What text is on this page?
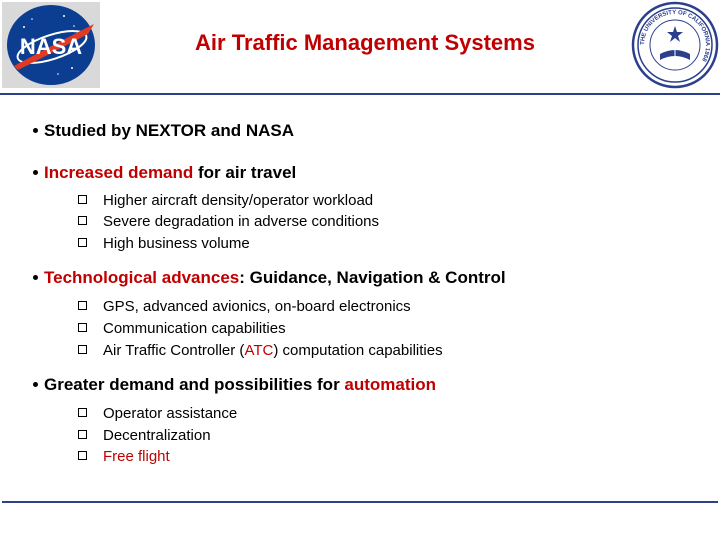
NASA	Air Traffic Management Systems	THE UNIVERSITY OF CALIFORNIA 1868
Studied by NEXTOR and NASA
Increased demand for air travel
Higher aircraft density/operator workload
Severe degradation in adverse conditions
High business volume
Technological advances: Guidance, Navigation & Control
GPS, advanced avionics, on-board electronics
Communication capabilities
Air Traffic Controller (ATC) computation capabilities
Greater demand and possibilities for automation
Operator assistance
Decentralization
Free flight
